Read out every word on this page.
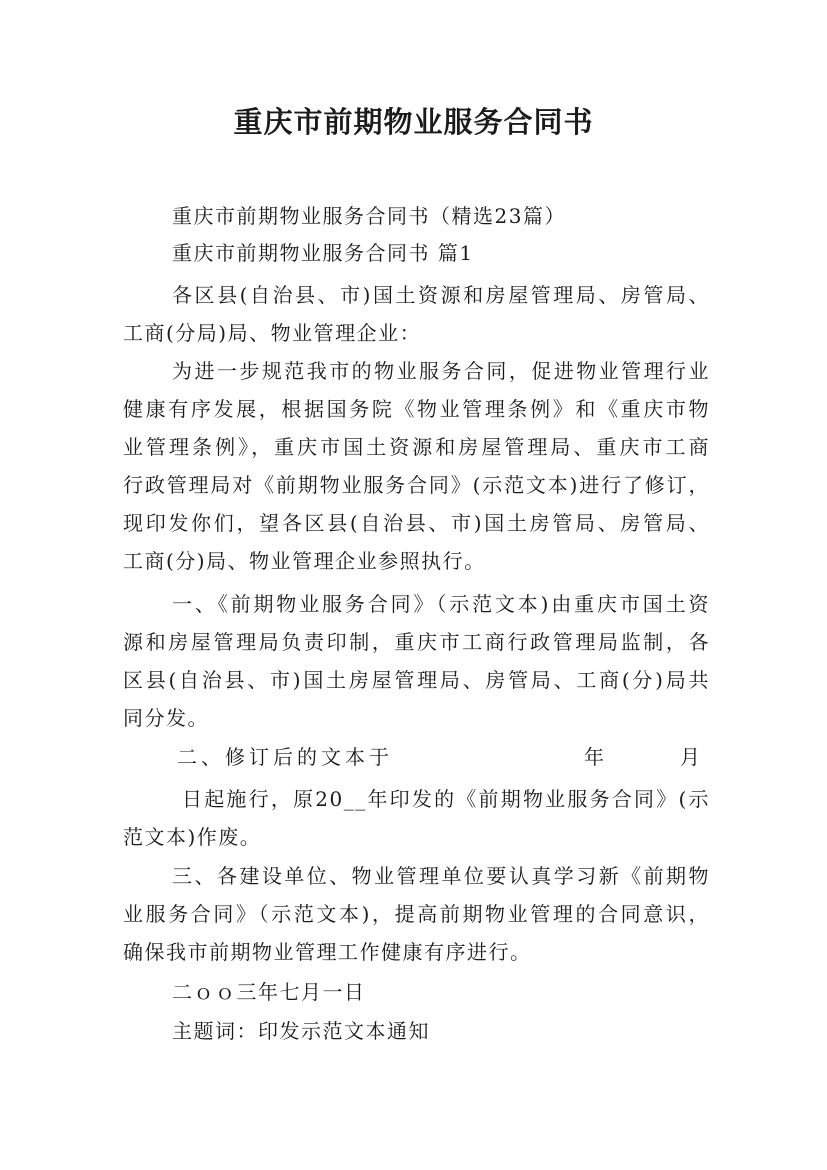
重庆市前期物业服务合同书

重庆市前期物业服务合同书（精选23篇）

重庆市前期物业服务合同书 篇1

各区县(自治县、市)国土资源和房屋管理局、房管局、

工商(分局)局、物业管理企业：

为进一步规范我市的物业服务合同，促进物业管理行业

健康有序发展，根据国务院《物业管理条例》和《重庆市物

业管理条例》，重庆市国土资源和房屋管理局、重庆市工商

行政管理局对《前期物业服务合同》(示范文本)进行了修订，

现印发你们，望各区县(自治县、市)国土房管局、房管局、

工商(分)局、物业管理企业参照执行。

一、《前期物业服务合同》（示范文本)由重庆市国土资

源和房屋管理局负责印制，重庆市工商行政管理局监制，各

区县(自治县、市)国土房屋管理局、房管局、工商(分)局共

同分发。

二、修订后的文本于	年	月

日起施行，原20__年印发的《前期物业服务合同》(示

范文本)作废。

三、各建设单位、物业管理单位要认真学习新《前期物

业服务合同》（示范文本)，提高前期物业管理的合同意识，

确保我市前期物业管理工作健康有序进行。

二ｏｏ三年七月一日

主题词：印发示范文本通知
